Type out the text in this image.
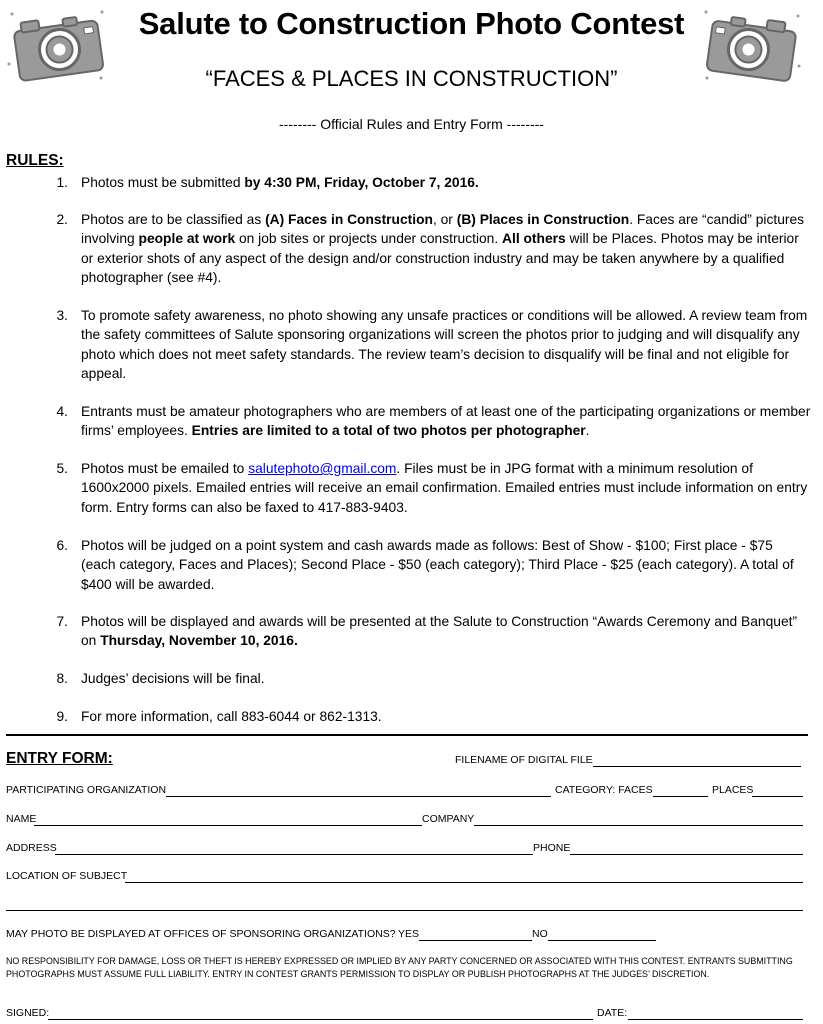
Salute to Construction Photo Contest
“FACES & PLACES IN CONSTRUCTION”
-------- Official Rules and Entry Form --------
RULES:
1. Photos must be submitted by 4:30 PM, Friday, October 7, 2016.
2. Photos are to be classified as (A) Faces in Construction, or (B) Places in Construction. Faces are “candid” pictures involving people at work on job sites or projects under construction. All others will be Places. Photos may be interior or exterior shots of any aspect of the design and/or construction industry and may be taken anywhere by a qualified photographer (see #4).
3. To promote safety awareness, no photo showing any unsafe practices or conditions will be allowed. A review team from the safety committees of Salute sponsoring organizations will screen the photos prior to judging and will disqualify any photo which does not meet safety standards. The review team’s decision to disqualify will be final and not eligible for appeal.
4. Entrants must be amateur photographers who are members of at least one of the participating organizations or member firms’ employees. Entries are limited to a total of two photos per photographer.
5. Photos must be emailed to salutephoto@gmail.com. Files must be in JPG format with a minimum resolution of 1600x2000 pixels. Emailed entries will receive an email confirmation. Emailed entries must include information on entry form. Entry forms can also be faxed to 417-883-9403.
6. Photos will be judged on a point system and cash awards made as follows: Best of Show - $100; First place - $75 (each category, Faces and Places); Second Place - $50 (each category); Third Place - $25 (each category). A total of $400 will be awarded.
7. Photos will be displayed and awards will be presented at the Salute to Construction “Awards Ceremony and Banquet” on Thursday, November 10, 2016.
8. Judges’ decisions will be final.
9. For more information, call 883-6044 or 862-1313.
ENTRY FORM:	FILENAME OF DIGITAL FILE
PARTICIPATING ORGANIZATION	CATEGORY: FACES	PLACES
NAME	COMPANY
ADDRESS	PHONE
LOCATION OF SUBJECT
MAY PHOTO BE DISPLAYED AT OFFICES OF SPONSORING ORGANIZATIONS? YES	NO
NO RESPONSIBILITY FOR DAMAGE, LOSS OR THEFT IS HEREBY EXPRESSED OR IMPLIED BY ANY PARTY CONCERNED OR ASSOCIATED WITH THIS CONTEST. ENTRANTS SUBMITTING PHOTOGRAPHS MUST ASSUME FULL LIABILITY. ENTRY IN CONTEST GRANTS PERMISSION TO DISPLAY OR PUBLISH PHOTOGRAPHS AT THE JUDGES’ DISCRETION.
SIGNED:	DATE:
